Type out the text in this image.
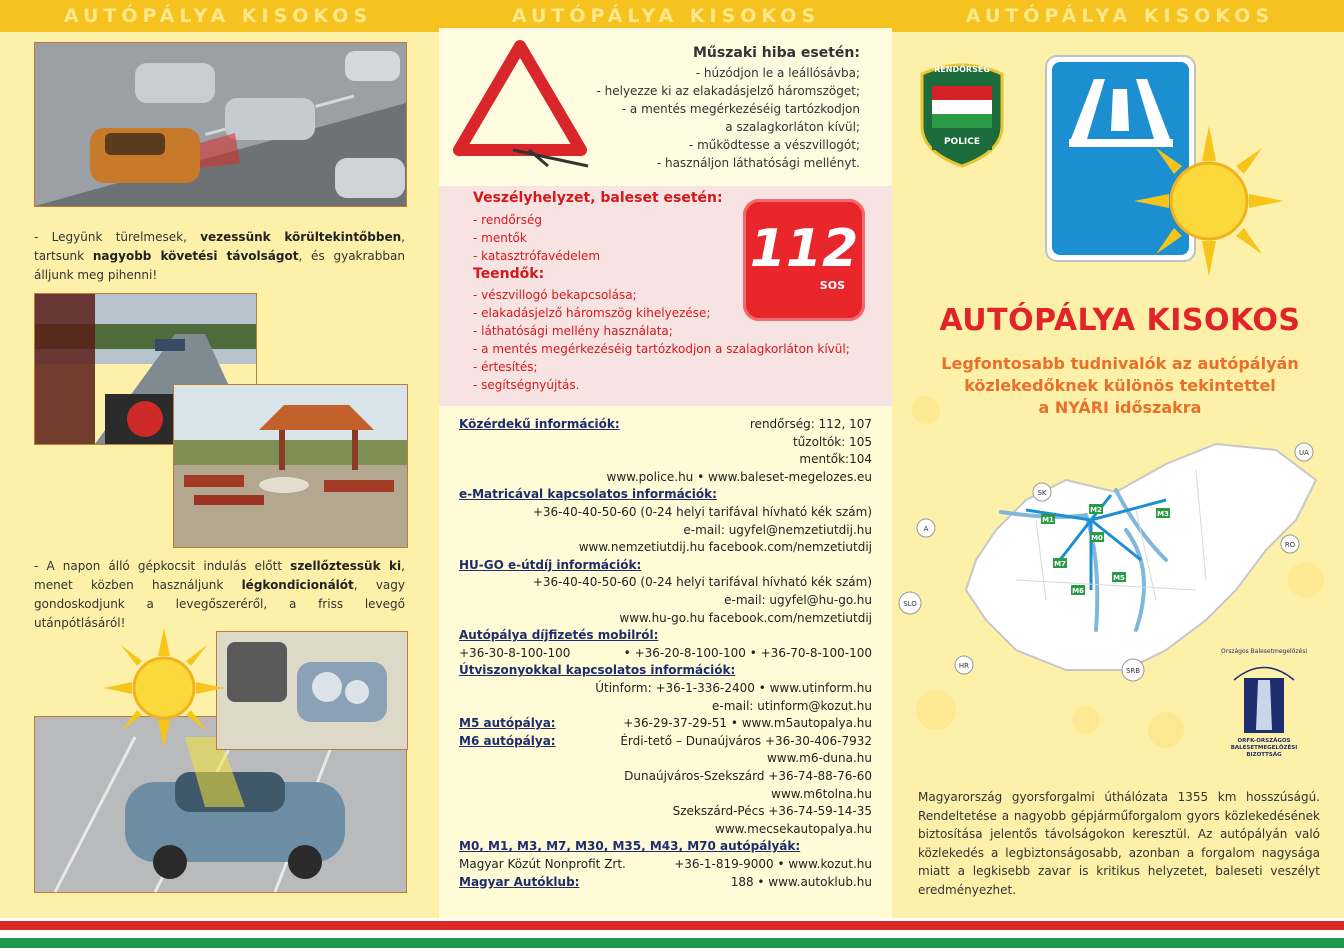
AUTÓPÁLYA KISOKOS
- Legyünk türelmesek, vezessünk körültekintőbben, tartsunk nagyobb követési távolságot, és gyakrabban álljunk meg pihenni!
- A napon álló gépkocsit indulás előtt szellőztessük ki, menet közben használjunk légkondicionálót, vagy gondoskodjunk a levegőszeréről, a friss levegő utánpótlásáról!
AUTÓPÁLYA KISOKOS
Műszaki hiba esetén:
- húzódjon le a leállósávba;
- helyezze ki az elakadásjelző háromszöget;
- a mentés megérkezéséig tartózkodjon
a szalagkorláton kívül;
- működtesse a vészvillogót;
- használjon láthatósági mellényt.
Veszélyhelyzet, baleset esetén:
- rendőrség
- mentők
- katasztrófavédelem
Teendők:
- vészvillogó bekapcsolása;
- elakadásjelző háromszög kihelyezése;
- láthatósági mellény használata;
- a mentés megérkezéséig tartózkodjon a szalagkorláton kívül;
- értesítés;
- segítségnyújtás.
112
SOS
Közérdekű információk:	rendőrség: 112, 107
tűzoltók: 105
mentők:104
www.police.hu • www.baleset-megelozes.eu
e-Matricával kapcsolatos információk:
+36-40-40-50-60 (0-24 helyi tarifával hívható kék szám)
e-mail: ugyfel@nemzetiutdij.hu
www.nemzetiutdij.hu facebook.com/nemzetiutdij
HU-GO e-útdíj információk:
+36-40-40-50-60 (0-24 helyi tarifával hívható kék szám)
e-mail: ugyfel@hu-go.hu
www.hu-go.hu facebook.com/nemzetiutdij
Autópálya díjfizetés mobilról:
+36-30-8-100-100	• +36-20-8-100-100 • +36-70-8-100-100
Útviszonyokkal kapcsolatos információk:
Útinform: +36-1-336-2400 • www.utinform.hu
e-mail: utinform@kozut.hu
M5 autópálya:	+36-29-37-29-51 • www.m5autopalya.hu
M6 autópálya:	Érdi-tető – Dunaújváros +36-30-406-7932
www.m6-duna.hu
Dunaújváros-Szekszárd +36-74-88-76-60
www.m6tolna.hu
Szekszárd-Pécs +36-74-59-14-35
www.mecsekautopalya.hu
M0, M1, M3, M7, M30, M35, M43, M70 autópályák:
Magyar Közút Nonprofit Zrt.	+36-1-819-9000 • www.kozut.hu
Magyar Autóklub:	188 • www.autoklub.hu
AUTÓPÁLYA KISOKOS
RENDŐRSÉG
POLICE
AUTÓPÁLYA KISOKOS
Legfontosabb tudnivalók az autópályán
közlekedőknek különös tekintettel
a NYÁRI időszakra
UA
SK
A
RO
SLO
HR
SRB
M1
M2	M3
M0
M7
M6
M5
Országos Balesetmegelőzési
ORFK-ORSZÁGOS BALESETMEGELŐZÉSI BIZOTTSÁG
Magyarország gyorsforgalmi úthálózata 1355 km hosszúságú. Rendeltetése a nagyobb gépjárműforgalom gyors közlekedésének biztosítása jelentős távolságokon keresztül. Az autópályán való közlekedés a legbiztonságosabb, azonban a forgalom nagysága miatt a legkisebb zavar is kritikus helyzetet, baleseti veszélyt eredményezhet.
